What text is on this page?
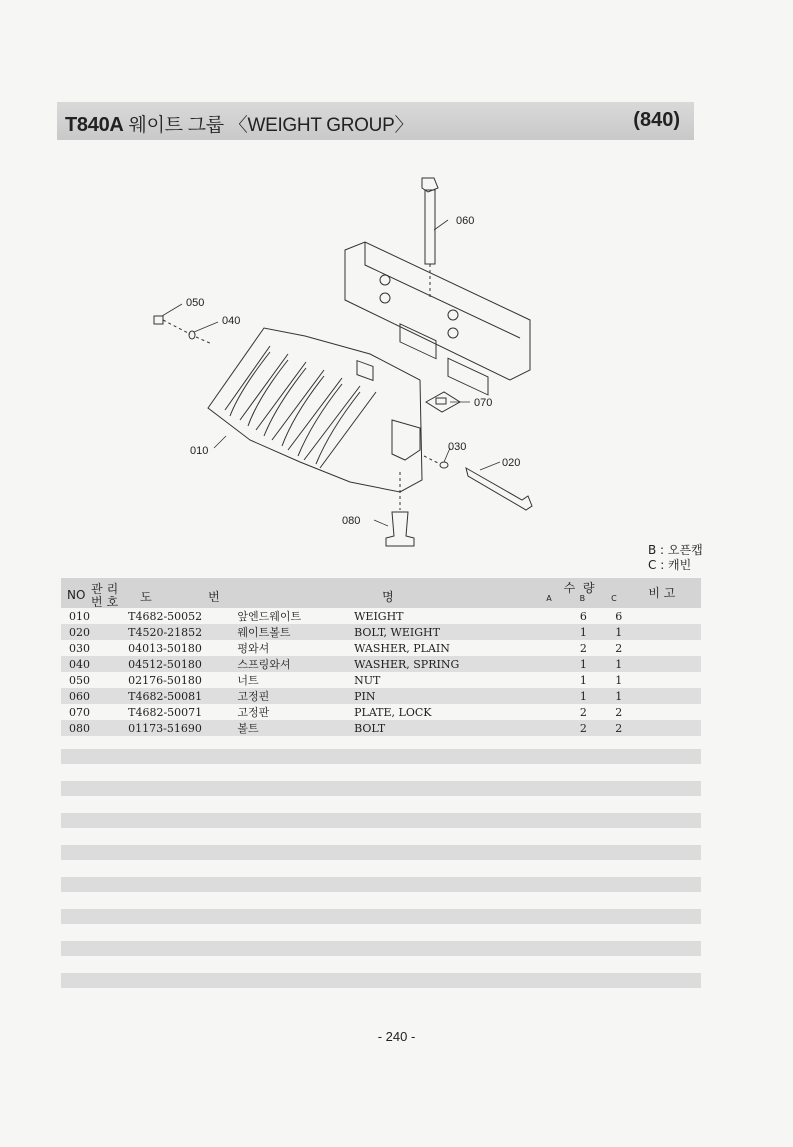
T840A 웨이트 그룹 〈WEIGHT GROUP〉	(840)
060
050
040
070
030
020
010
080
B : 오픈캡
C : 캐빈
NO 관리
번호	도 번		명	A	수  량
B	C	비 고

010	T4682-50052	앞엔드웨이트	WEIGHT		6	6	
020	T4520-21852	웨이트볼트	BOLT, WEIGHT		1	1	
030	04013-50180	평와셔	WASHER, PLAIN		2	2	
040	04512-50180	스프링와셔	WASHER, SPRING		1	1	
050	02176-50180	너트	NUT		1	1	
060	T4682-50081	고정핀	PIN		1	1	
070	T4682-50071	고정판	PLATE, LOCK		2	2	
080	01173-51690	볼트	BOLT		2	2	
- 240 -
